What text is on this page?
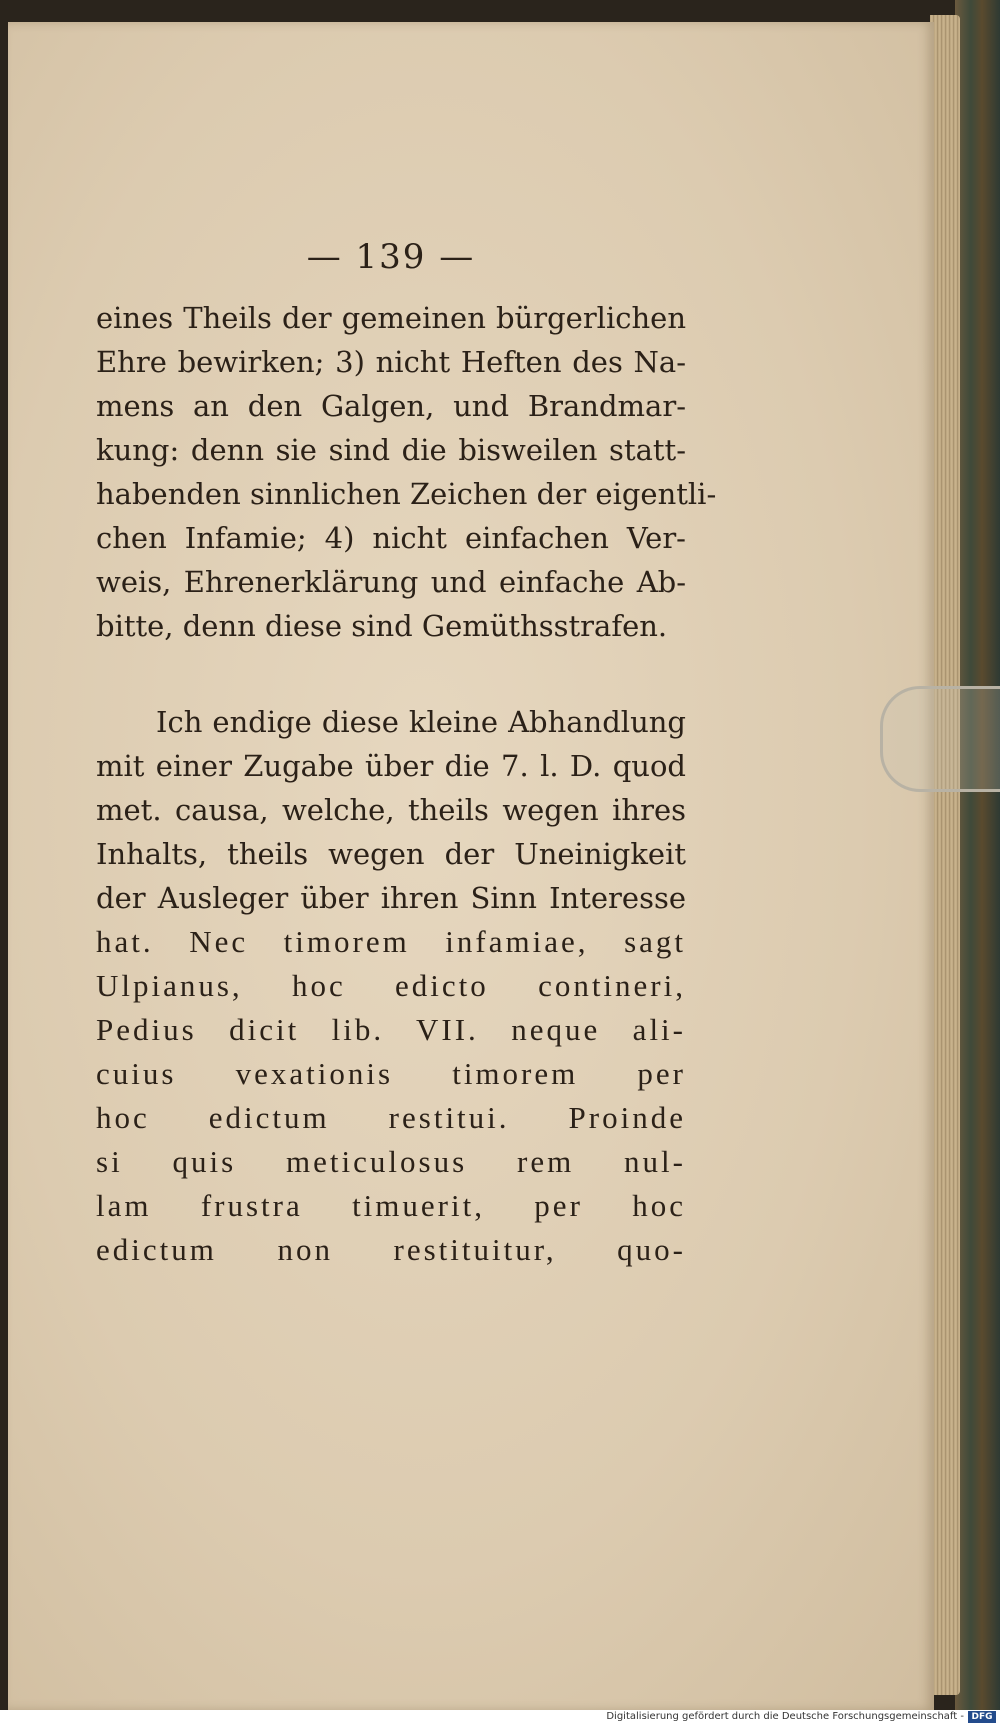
— 139 —
eines Theils der gemeinen bürgerlichen
Ehre bewirken; 3) nicht Heften des Na-
mens an den Galgen, und Brandmar-
kung: denn sie sind die bisweilen statt-
habenden sinnlichen Zeichen der eigentli-
chen Infamie; 4) nicht einfachen Ver-
weis, Ehrenerklärung und einfache Ab-
bitte, denn diese sind Gemüthsstrafen.
Ich endige diese kleine Abhandlung
mit einer Zugabe über die 7. l. D. quod
met. causa, welche, theils wegen ihres
Inhalts, theils wegen der Uneinigkeit
der Ausleger über ihren Sinn Interesse
hat. Nec timorem infamiae, sagt
Ulpianus, hoc edicto contineri,
Pedius dicit lib. VII. neque ali-
cuius vexationis timorem per
hoc edictum restitui. Proinde
si quis meticulosus rem nul-
lam frustra timuerit, per hoc
edictum non restituitur, quo-
Digitalisierung gefördert durch die Deutsche Forschungsgemeinschaft - DFG
